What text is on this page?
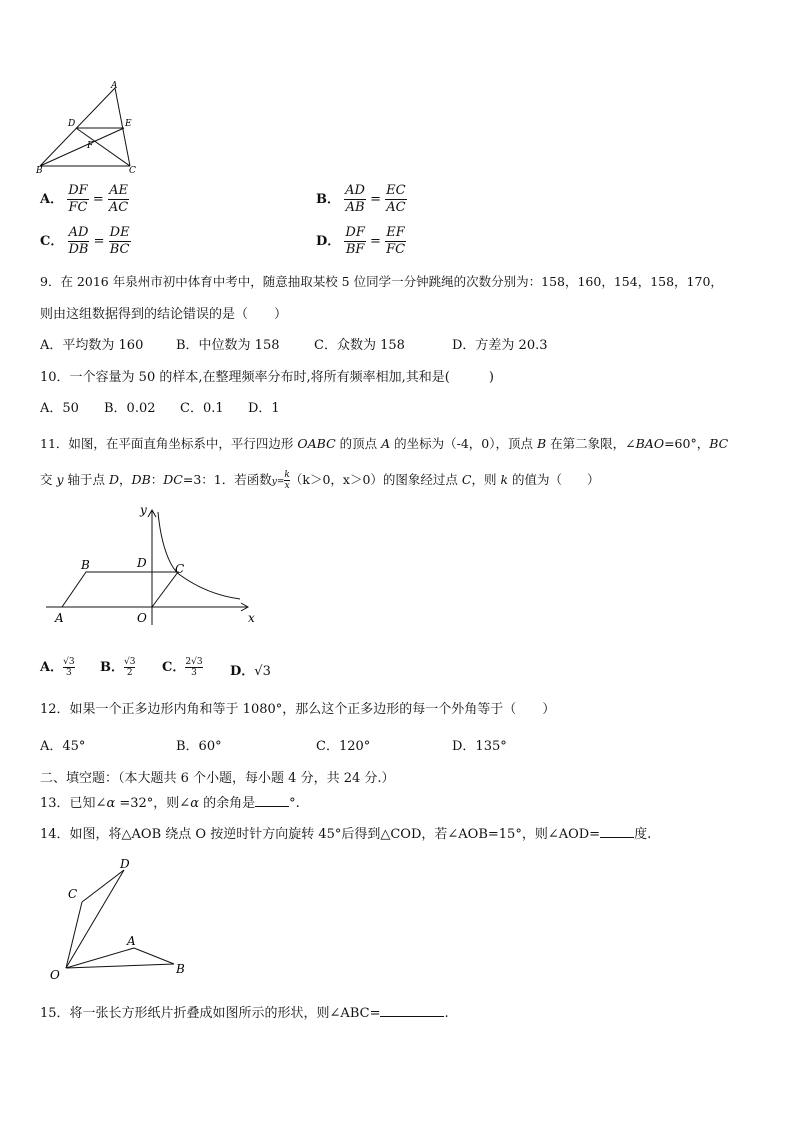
A
D	E
F
B	C
A． $\frac{DF}{FC} = \frac{AE}{AC}$	B． $\frac{AD}{AB} = \frac{EC}{AC}$
C． $\frac{AD}{DB} = \frac{DE}{BC}$	D． $\frac{DF}{BF} = \frac{EF}{FC}$
9．在 2016 年泉州市初中体育中考中，随意抽取某校 5 位同学一分钟跳绳的次数分别为：158，160，154，158，170，
则由这组数据得到的结论错误的是（　　）
A．平均数为 160	B．中位数为 158	C．众数为 158	D．方差为 20.3
10．一个容量为 50 的样本,在整理频率分布时,将所有频率相加,其和是(　　　)
A．50 B．0.02 C．0.1 D．1
11．如图，在平面直角坐标系中，平行四边形 OABC 的顶点 A 的坐标为（-4，0），顶点 B 在第二象限，∠BAO=60°，BC
交 y 轴于点 D，DB：DC=3：1．若函数$y= \frac{k}{x} (k>0$，x＞0）的图象经过点 C，则 k 的值为（　　）
y
x
B	D C
A	O
A． $\frac{√3}{3}$ B． $\frac{√3}{2}$ C． $\frac{2√3}{3}$ D．√3
12．如果一个正多边形内角和等于 1080°，那么这个正多边形的每一个外角等于（　　）
A．45°	B．60°	C．120°	D．135°
二、填空题：（本大题共 6 个小题，每小题 4 分，共 24 分.）
13．已知∠α =32°，则∠α 的余角是	°.
14．如图，将△AOB 绕点 O 按逆时针方向旋转 45°后得到△COD，若∠AOB=15°，则∠AOD=	度.
D
C
A
O	B
15．将一张长方形纸片折叠成如图所示的形状，则∠ABC=	.
